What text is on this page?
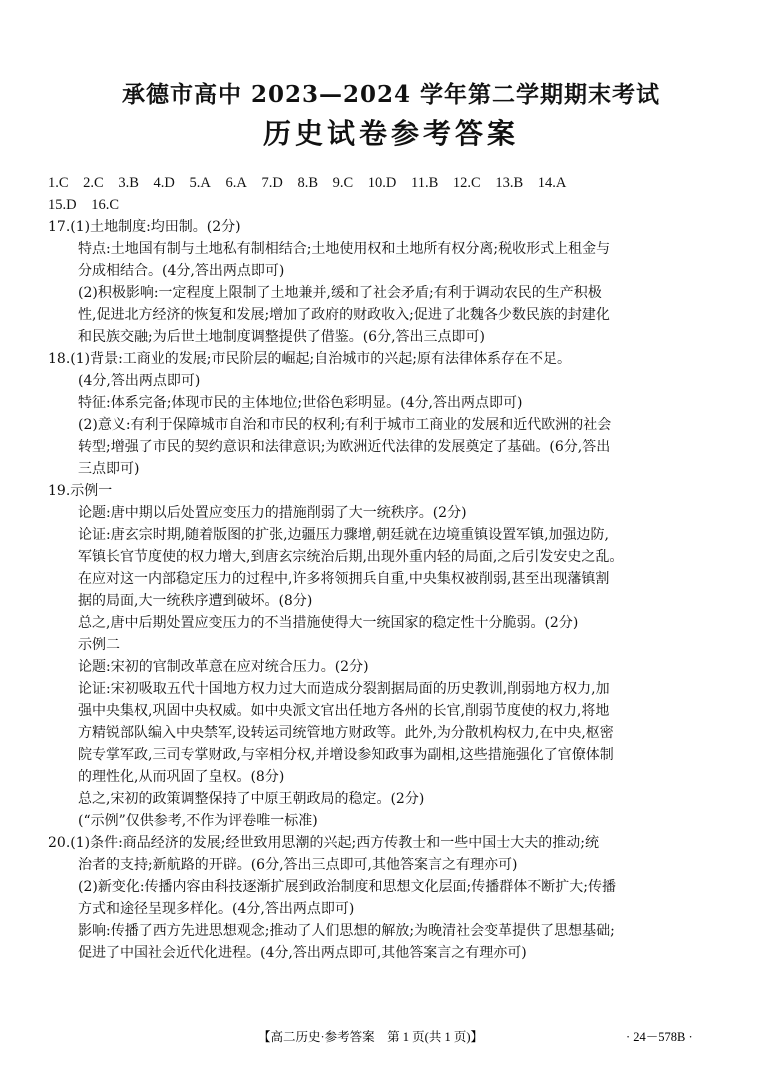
承德市高中 2023—2024 学年第二学期期末考试
历史试卷参考答案
1.C 2.C 3.B 4.D 5.A 6.A 7.D 8.B 9.C 10.D 11.B 12.C 13.B 14.A
15.D 16.C
17.(1)土地制度:均田制。(2分)
特点:土地国有制与土地私有制相结合;土地使用权和土地所有权分离;税收形式上租金与
分成相结合。(4分,答出两点即可)
(2)积极影响:一定程度上限制了土地兼并,缓和了社会矛盾;有利于调动农民的生产积极
性,促进北方经济的恢复和发展;增加了政府的财政收入;促进了北魏各少数民族的封建化
和民族交融;为后世土地制度调整提供了借鉴。(6分,答出三点即可)
18.(1)背景:工商业的发展;市民阶层的崛起;自治城市的兴起;原有法律体系存在不足。
(4分,答出两点即可)
特征:体系完备;体现市民的主体地位;世俗色彩明显。(4分,答出两点即可)
(2)意义:有利于保障城市自治和市民的权利;有利于城市工商业的发展和近代欧洲的社会
转型;增强了市民的契约意识和法律意识;为欧洲近代法律的发展奠定了基础。(6分,答出
三点即可)
19.示例一
论题:唐中期以后处置应变压力的措施削弱了大一统秩序。(2分)
论证:唐玄宗时期,随着版图的扩张,边疆压力骤增,朝廷就在边境重镇设置军镇,加强边防,
军镇长官节度使的权力增大,到唐玄宗统治后期,出现外重内轻的局面,之后引发安史之乱。
在应对这一内部稳定压力的过程中,许多将领拥兵自重,中央集权被削弱,甚至出现藩镇割
据的局面,大一统秩序遭到破坏。(8分)
总之,唐中后期处置应变压力的不当措施使得大一统国家的稳定性十分脆弱。(2分)
示例二
论题:宋初的官制改革意在应对统合压力。(2分)
论证:宋初吸取五代十国地方权力过大而造成分裂割据局面的历史教训,削弱地方权力,加
强中央集权,巩固中央权威。如中央派文官出任地方各州的长官,削弱节度使的权力,将地
方精锐部队编入中央禁军,设转运司统管地方财政等。此外,为分散机构权力,在中央,枢密
院专掌军政,三司专掌财政,与宰相分权,并增设参知政事为副相,这些措施强化了官僚体制
的理性化,从而巩固了皇权。(8分)
总之,宋初的政策调整保持了中原王朝政局的稳定。(2分)
(“示例”仅供参考,不作为评卷唯一标准)
20.(1)条件:商品经济的发展;经世致用思潮的兴起;西方传教士和一些中国士大夫的推动;统
治者的支持;新航路的开辟。(6分,答出三点即可,其他答案言之有理亦可)
(2)新变化:传播内容由科技逐渐扩展到政治制度和思想文化层面;传播群体不断扩大;传播
方式和途径呈现多样化。(4分,答出两点即可)
影响:传播了西方先进思想观念;推动了人们思想的解放;为晚清社会变革提供了思想基础;
促进了中国社会近代化进程。(4分,答出两点即可,其他答案言之有理亦可)
【高二历史·参考答案　第 1 页(共 1 页)】	· 24－578B ·
